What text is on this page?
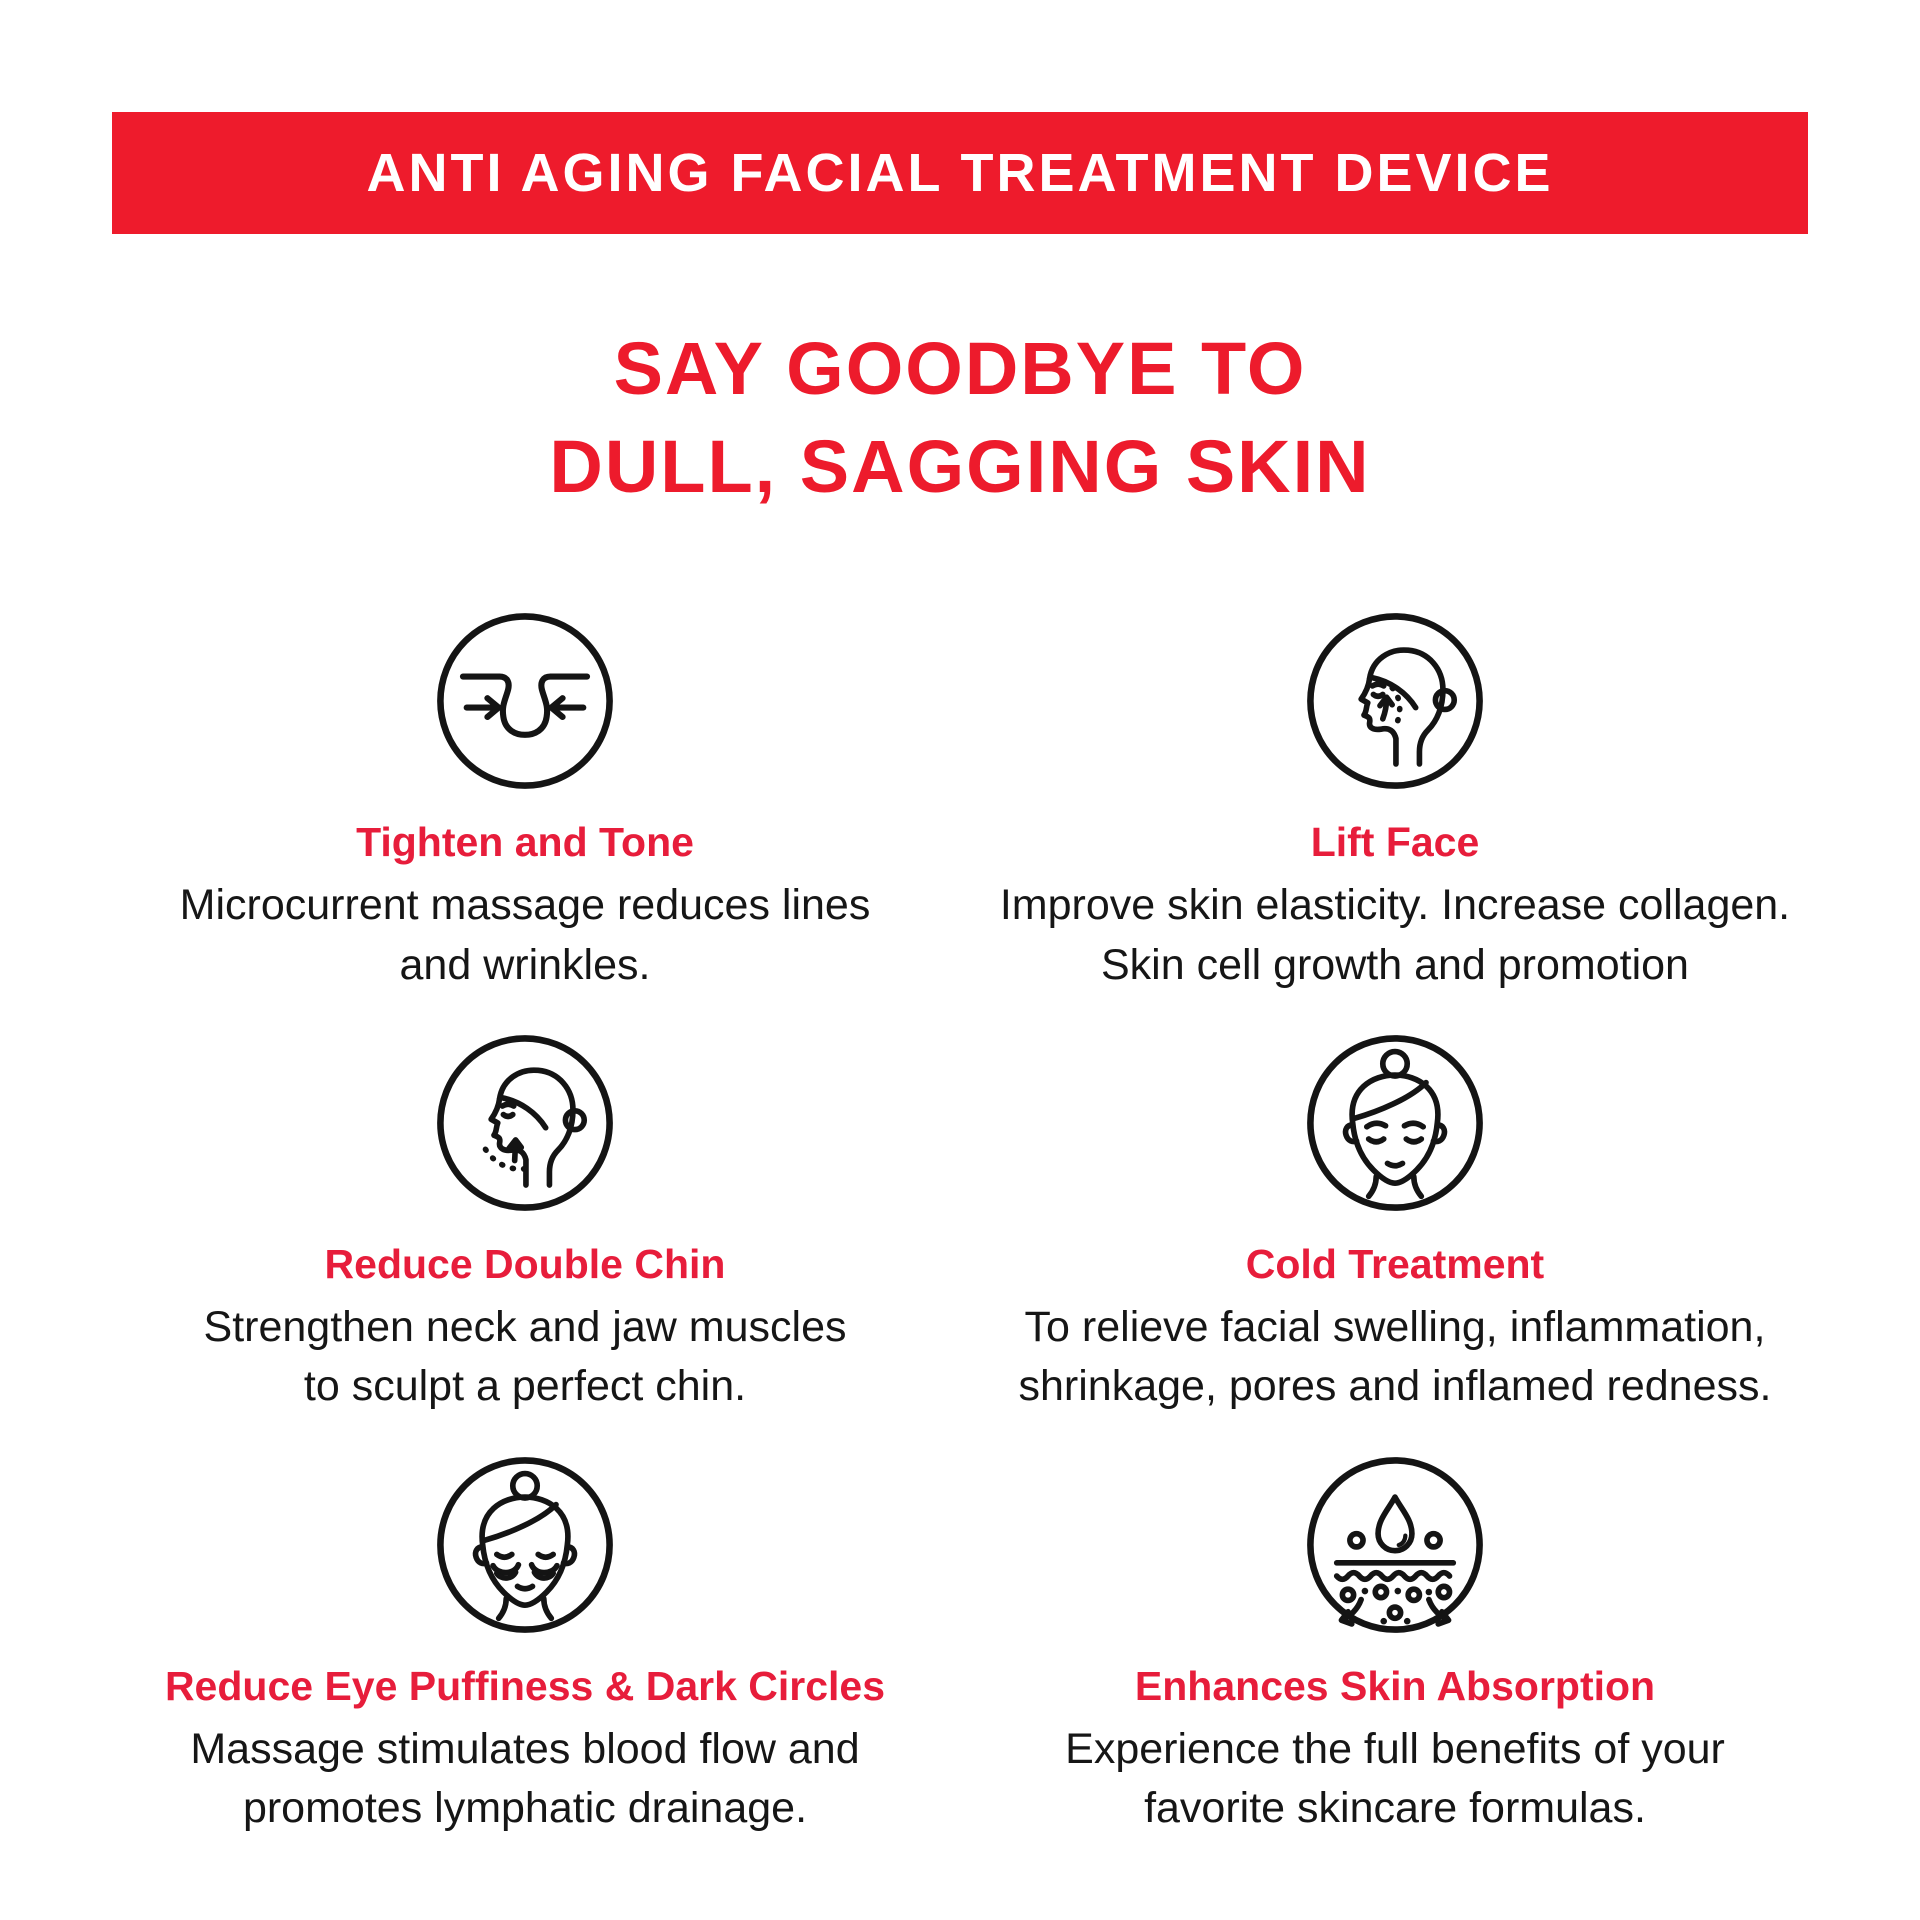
ANTI AGING FACIAL TREATMENT DEVICE
SAY GOODBYE TO
DULL, SAGGING SKIN
Tighten and Tone
Microcurrent massage reduces lines
and wrinkles.
Lift Face
Improve skin elasticity. Increase collagen.
Skin cell growth and promotion
Reduce Double Chin
Strengthen neck and jaw muscles
to sculpt a perfect chin.
Cold Treatment
To relieve facial swelling, inflammation,
shrinkage, pores and inflamed redness.
Reduce Eye Puffiness & Dark Circles
Massage stimulates blood flow and
promotes lymphatic drainage.
Enhances Skin Absorption
Experience the full benefits of your
favorite skincare formulas.
